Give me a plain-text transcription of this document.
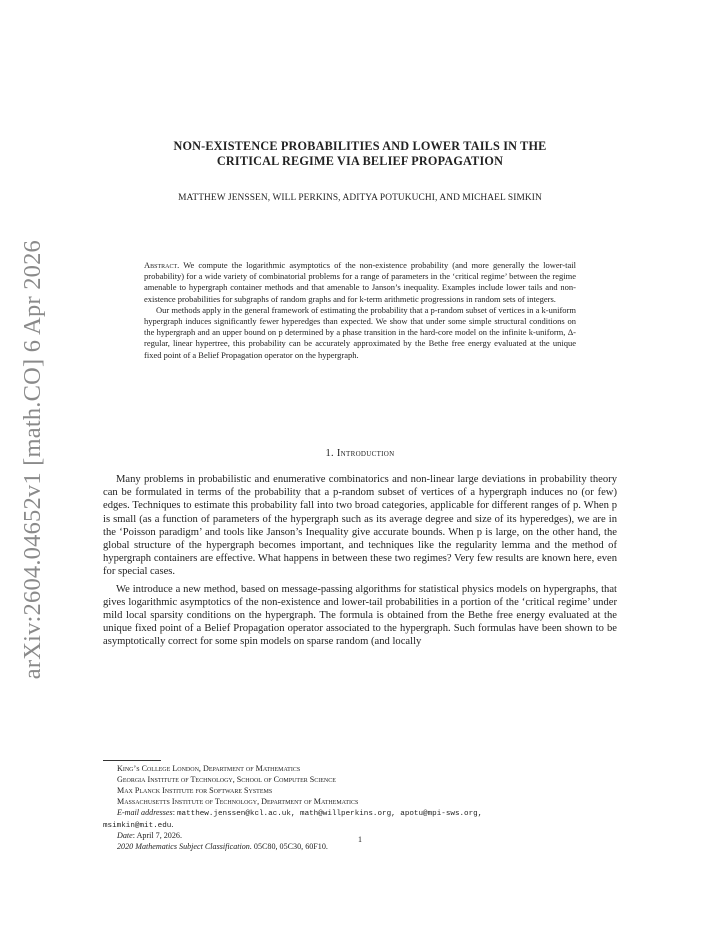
arXiv:2604.04652v1 [math.CO] 6 Apr 2026
NON-EXISTENCE PROBABILITIES AND LOWER TAILS IN THE
CRITICAL REGIME VIA BELIEF PROPAGATION
MATTHEW JENSSEN, WILL PERKINS, ADITYA POTUKUCHI, AND MICHAEL SIMKIN

Abstract. We compute the logarithmic asymptotics of the non-existence probability (and more generally the lower-tail probability) for a wide variety of combinatorial problems for a range of parameters in the ‘critical regime’ between the regime amenable to hypergraph container methods and that amenable to Janson’s inequality. Examples include lower tails and non-existence probabilities for subgraphs of random graphs and for k-term arithmetic progressions in random sets of integers.

Our methods apply in the general framework of estimating the probability that a p-random subset of vertices in a k-uniform hypergraph induces significantly fewer hyperedges than expected. We show that under some simple structural conditions on the hypergraph and an upper bound on p determined by a phase transition in the hard-core model on the infinite k-uniform, Δ-regular, linear hypertree, this probability can be accurately approximated by the Bethe free energy evaluated at the unique fixed point of a Belief Propagation operator on the hypergraph.

1. Introduction

Many problems in probabilistic and enumerative combinatorics and non-linear large deviations in probability theory can be formulated in terms of the probability that a p-random subset of vertices of a hypergraph induces no (or few) edges. Techniques to estimate this probability fall into two broad categories, applicable for different ranges of p. When p is small (as a function of parameters of the hypergraph such as its average degree and size of its hyperedges), we are in the ‘Poisson paradigm’ and tools like Janson’s Inequality give accurate bounds. When p is large, on the other hand, the global structure of the hypergraph becomes important, and techniques like the regularity lemma and the method of hypergraph containers are effective. What happens in between these two regimes? Very few results are known here, even for special cases.

We introduce a new method, based on message-passing algorithms for statistical physics models on hypergraphs, that gives logarithmic asymptotics of the non-existence and lower-tail probabilities in a portion of the ‘critical regime’ under mild local sparsity conditions on the hypergraph. The formula is obtained from the Bethe free energy evaluated at the unique fixed point of a Belief Propagation operator associated to the hypergraph. Such formulas have been shown to be asymptotically correct for some spin models on sparse random (and locally

King’s College London, Department of Mathematics
Georgia Institute of Technology, School of Computer Science
Max Planck Institute for Software Systems
Massachusetts Institute of Technology, Department of Mathematics
E-mail addresses: matthew.jenssen@kcl.ac.uk, math@willperkins.org, apotu@mpi-sws.org,
msimkin@mit.edu.
Date: April 7, 2026.
2020 Mathematics Subject Classification. 05C80, 05C30, 60F10.
1
